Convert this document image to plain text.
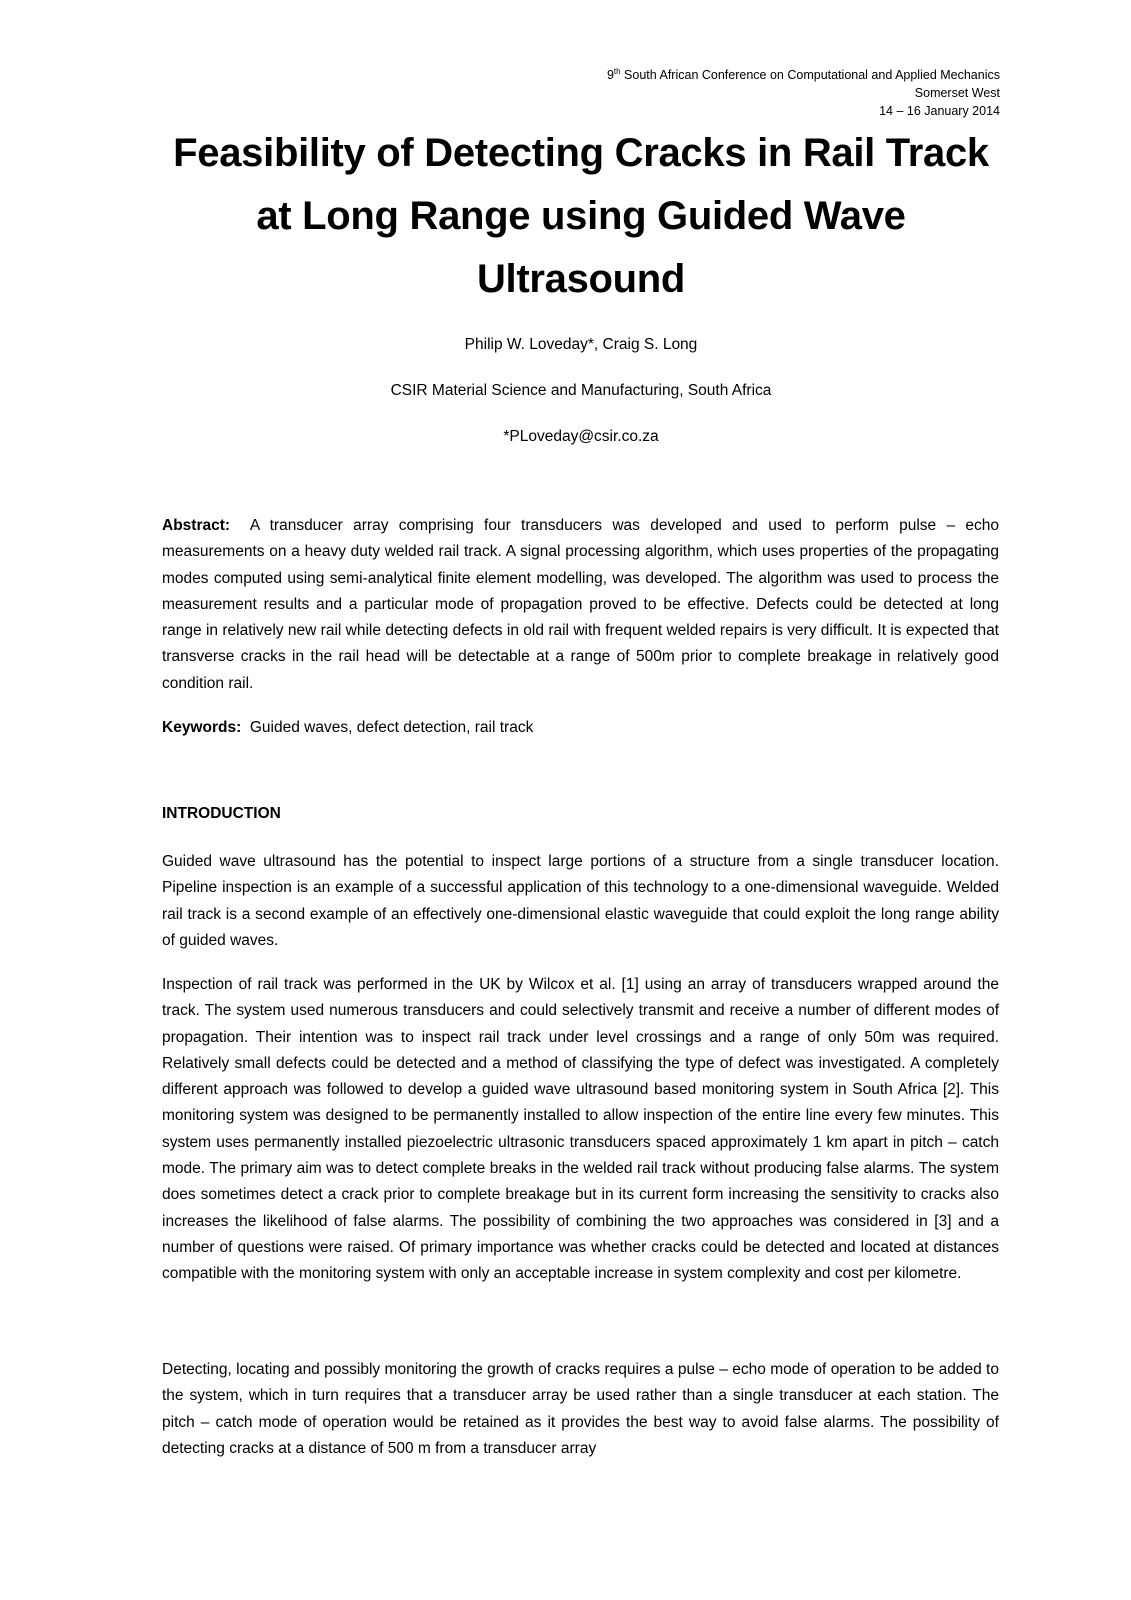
9th South African Conference on Computational and Applied Mechanics
Somerset West
14 – 16 January 2014
Feasibility of Detecting Cracks in Rail Track at Long Range using Guided Wave Ultrasound
Philip W. Loveday*, Craig S. Long
CSIR Material Science and Manufacturing, South Africa
*PLoveday@csir.co.za
Abstract: A transducer array comprising four transducers was developed and used to perform pulse – echo measurements on a heavy duty welded rail track. A signal processing algorithm, which uses properties of the propagating modes computed using semi-analytical finite element modelling, was developed. The algorithm was used to process the measurement results and a particular mode of propagation proved to be effective. Defects could be detected at long range in relatively new rail while detecting defects in old rail with frequent welded repairs is very difficult. It is expected that transverse cracks in the rail head will be detectable at a range of 500m prior to complete breakage in relatively good condition rail.
Keywords: Guided waves, defect detection, rail track
INTRODUCTION

Guided wave ultrasound has the potential to inspect large portions of a structure from a single transducer location. Pipeline inspection is an example of a successful application of this technology to a one-dimensional waveguide. Welded rail track is a second example of an effectively one-dimensional elastic waveguide that could exploit the long range ability of guided waves.

Inspection of rail track was performed in the UK by Wilcox et al. [1] using an array of transducers wrapped around the track. The system used numerous transducers and could selectively transmit and receive a number of different modes of propagation. Their intention was to inspect rail track under level crossings and a range of only 50m was required. Relatively small defects could be detected and a method of classifying the type of defect was investigated. A completely different approach was followed to develop a guided wave ultrasound based monitoring system in South Africa [2]. This monitoring system was designed to be permanently installed to allow inspection of the entire line every few minutes. This system uses permanently installed piezoelectric ultrasonic transducers spaced approximately 1 km apart in pitch – catch mode. The primary aim was to detect complete breaks in the welded rail track without producing false alarms. The system does sometimes detect a crack prior to complete breakage but in its current form increasing the sensitivity to cracks also increases the likelihood of false alarms. The possibility of combining the two approaches was considered in [3] and a number of questions were raised. Of primary importance was whether cracks could be detected and located at distances compatible with the monitoring system with only an acceptable increase in system complexity and cost per kilometre.

Detecting, locating and possibly monitoring the growth of cracks requires a pulse – echo mode of operation to be added to the system, which in turn requires that a transducer array be used rather than a single transducer at each station. The pitch – catch mode of operation would be retained as it provides the best way to avoid false alarms. The possibility of detecting cracks at a distance of 500 m from a transducer array
